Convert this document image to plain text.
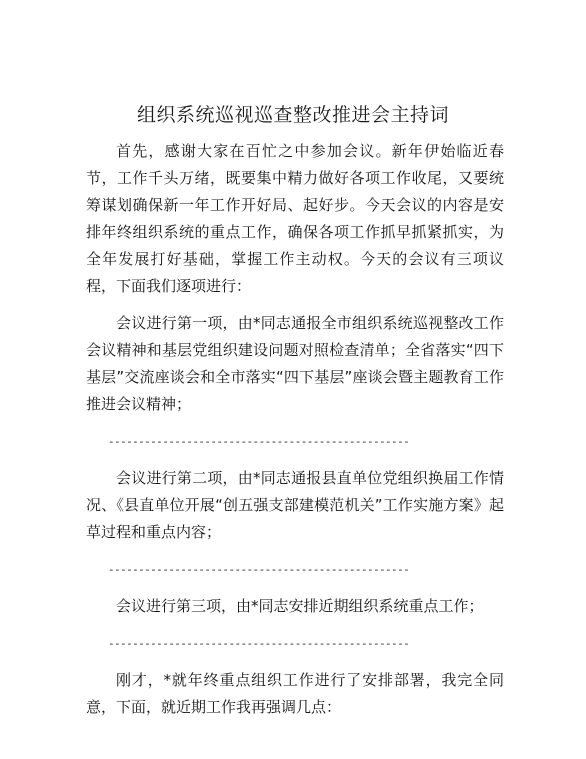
组织系统巡视巡查整改推进会主持词

首先，感谢大家在百忙之中参加会议。新年伊始临近春节，工作千头万绪，既要集中精力做好各项工作收尾，又要统筹谋划确保新一年工作开好局、起好步。今天会议的内容是安排年终组织系统的重点工作，确保各项工作抓早抓紧抓实，为全年发展打好基础，掌握工作主动权。今天的会议有三项议程，下面我们逐项进行：

会议进行第一项，由*同志通报全市组织系统巡视整改工作会议精神和基层党组织建设问题对照检查清单；全省落实“四下基层”交流座谈会和全市落实“四下基层”座谈会暨主题教育工作推进会议精神；

--------------------------------------------------

会议进行第二项，由*同志通报县直单位党组织换届工作情况、《县直单位开展“创五强支部建模范机关”工作实施方案》起草过程和重点内容；

--------------------------------------------------

会议进行第三项，由*同志安排近期组织系统重点工作；

--------------------------------------------------

刚才，*就年终重点组织工作进行了安排部署，我完全同意，下面，就近期工作我再强调几点：
